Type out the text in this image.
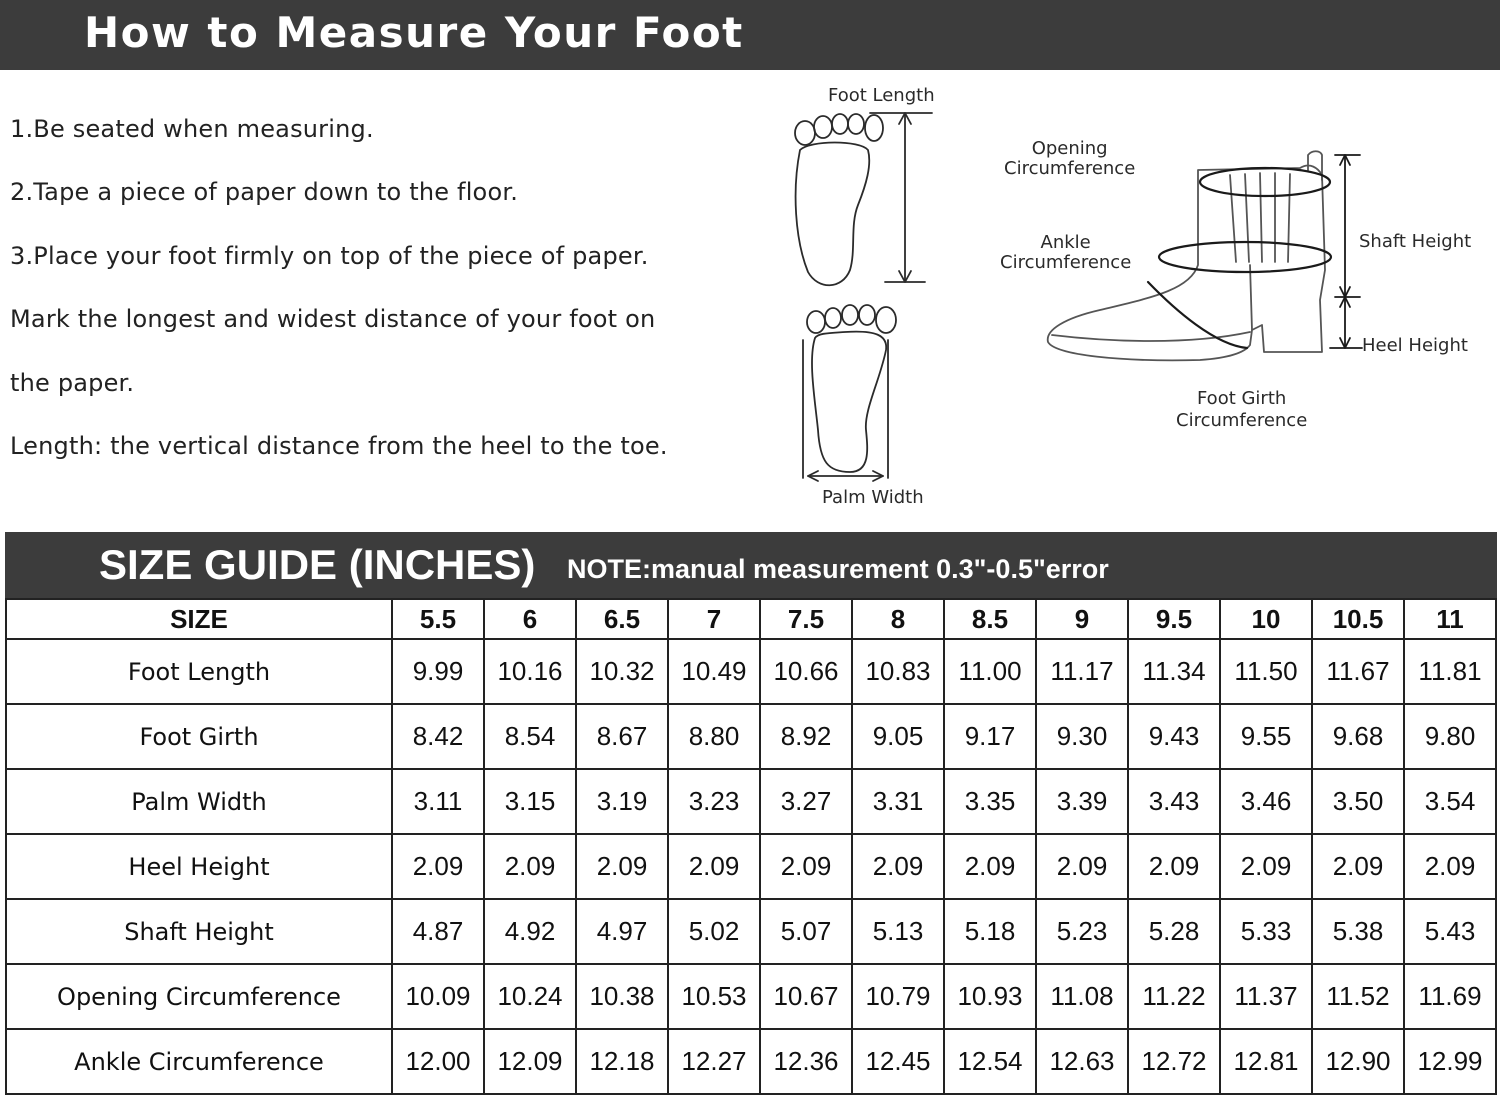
How to Measure Your Foot
1.Be seated when measuring.
2.Tape a piece of paper down to the floor.
3.Place your foot firmly on top of the piece of paper.
Mark the longest and widest distance of your foot on
the paper.
Length: the vertical distance from the heel to the toe.
Foot Length
Palm Width
Opening
Circumference
Ankle
Circumference
Shaft Height
Heel Height
Foot Girth
Circumference
SIZE GUIDE (INCHES) NOTE:manual measurement 0.3"-0.5"error
SIZE	5.5	6	6.5	7	7.5	8	8.5	9	9.5	10	10.5	11
Foot Length	9.99	10.16	10.32	10.49	10.66	10.83	11.00	11.17	11.34	11.50	11.67	11.81
Foot Girth	8.42	8.54	8.67	8.80	8.92	9.05	9.17	9.30	9.43	9.55	9.68	9.80
Palm Width	3.11	3.15	3.19	3.23	3.27	3.31	3.35	3.39	3.43	3.46	3.50	3.54
Heel Height	2.09	2.09	2.09	2.09	2.09	2.09	2.09	2.09	2.09	2.09	2.09	2.09
Shaft Height	4.87	4.92	4.97	5.02	5.07	5.13	5.18	5.23	5.28	5.33	5.38	5.43
Opening Circumference	10.09	10.24	10.38	10.53	10.67	10.79	10.93	11.08	11.22	11.37	11.52	11.69
Ankle Circumference	12.00	12.09	12.18	12.27	12.36	12.45	12.54	12.63	12.72	12.81	12.90	12.99
